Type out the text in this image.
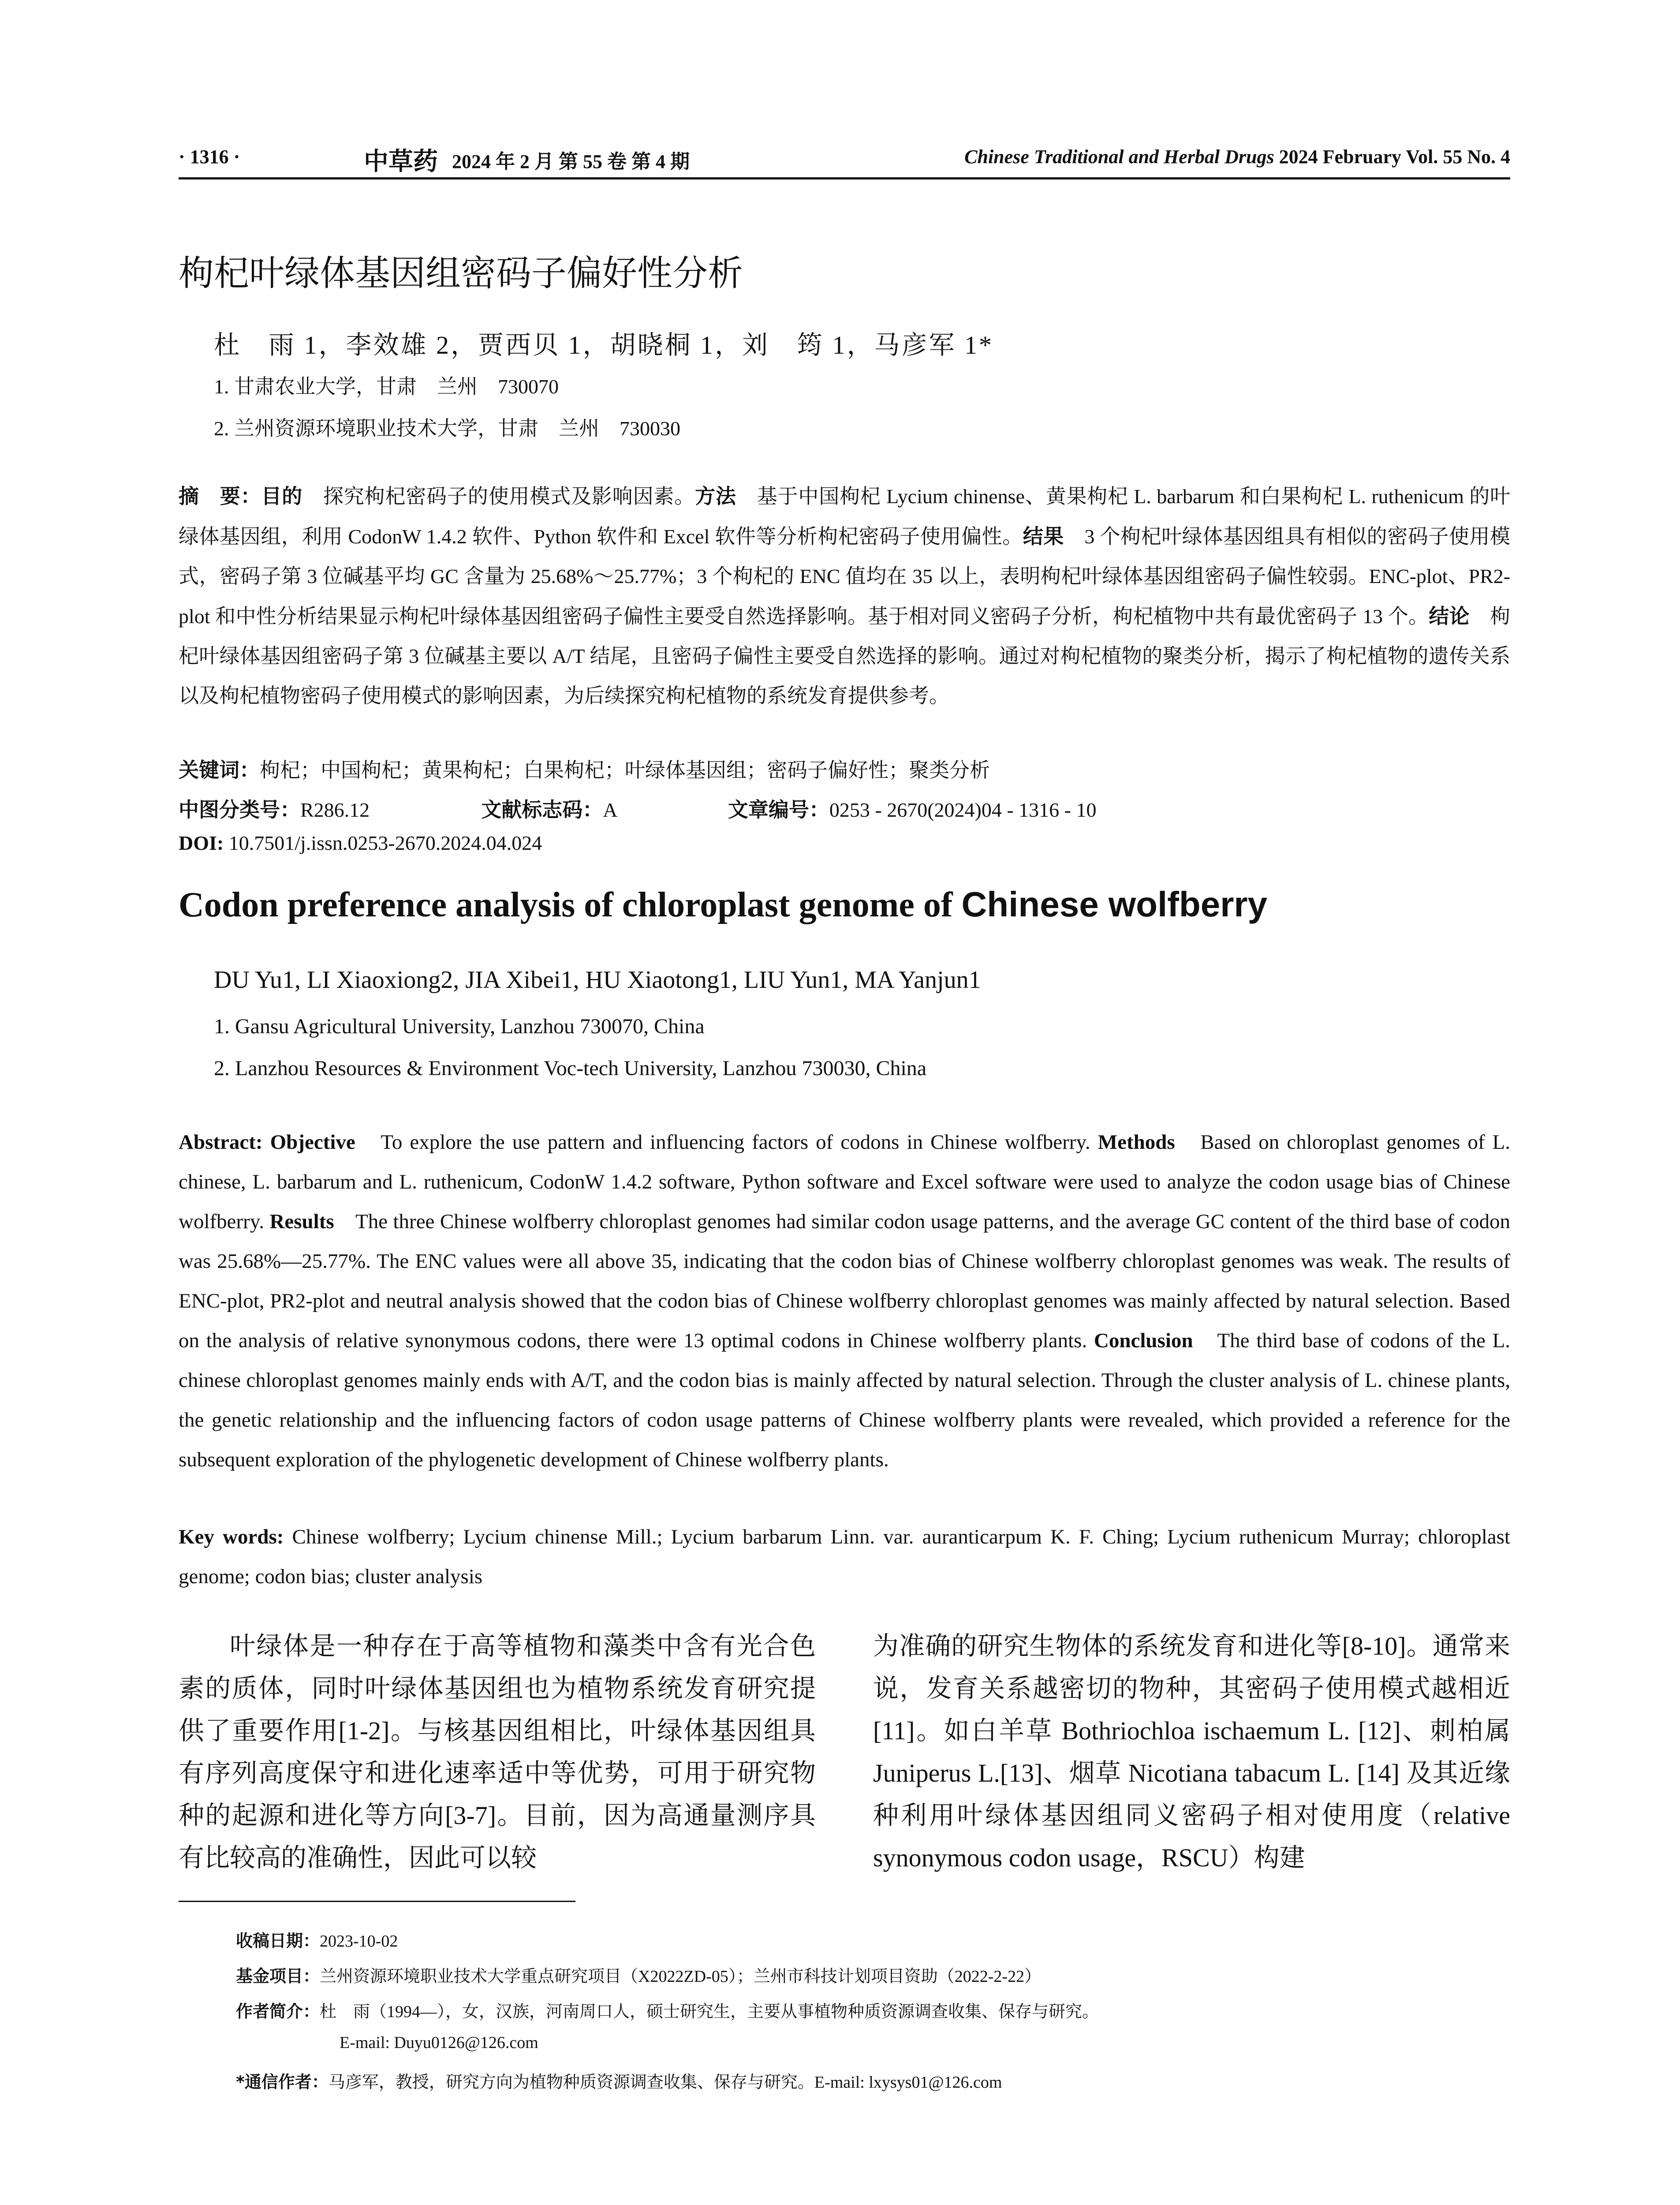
· 1316 ·	中草药 2024 年 2 月 第 55 卷 第 4 期	Chinese Traditional and Herbal Drugs 2024 February Vol. 55 No. 4
枸杞叶绿体基因组密码子偏好性分析
杜　雨 1，李效雄 2，贾西贝 1，胡晓桐 1，刘　筠 1，马彦军 1*
1. 甘肃农业大学，甘肃　兰州　730070
2. 兰州资源环境职业技术大学，甘肃　兰州　730030
摘　要：目的　探究枸杞密码子的使用模式及影响因素。方法　基于中国枸杞 Lycium chinense、黄果枸杞 L. barbarum 和白果枸杞 L. ruthenicum 的叶绿体基因组，利用 CodonW 1.4.2 软件、Python 软件和 Excel 软件等分析枸杞密码子使用偏性。结果　3 个枸杞叶绿体基因组具有相似的密码子使用模式，密码子第 3 位碱基平均 GC 含量为 25.68%～25.77%；3 个枸杞的 ENC 值均在 35 以上，表明枸杞叶绿体基因组密码子偏性较弱。ENC-plot、PR2-plot 和中性分析结果显示枸杞叶绿体基因组密码子偏性主要受自然选择影响。基于相对同义密码子分析，枸杞植物中共有最优密码子 13 个。结论　枸杞叶绿体基因组密码子第 3 位碱基主要以 A/T 结尾，且密码子偏性主要受自然选择的影响。通过对枸杞植物的聚类分析，揭示了枸杞植物的遗传关系以及枸杞植物密码子使用模式的影响因素，为后续探究枸杞植物的系统发育提供参考。
关键词：枸杞；中国枸杞；黄果枸杞；白果枸杞；叶绿体基因组；密码子偏好性；聚类分析
中图分类号：R286.12	文献标志码：A	文章编号：0253 - 2670(2024)04 - 1316 - 10
DOI: 10.7501/j.issn.0253-2670.2024.04.024
Codon preference analysis of chloroplast genome of Chinese wolfberry
DU Yu1, LI Xiaoxiong2, JIA Xibei1, HU Xiaotong1, LIU Yun1, MA Yanjun1
1. Gansu Agricultural University, Lanzhou 730070, China
2. Lanzhou Resources & Environment Voc-tech University, Lanzhou 730030, China
Abstract: Objective　To explore the use pattern and influencing factors of codons in Chinese wolfberry. Methods　Based on chloroplast genomes of L. chinese, L. barbarum and L. ruthenicum, CodonW 1.4.2 software, Python software and Excel software were used to analyze the codon usage bias of Chinese wolfberry. Results　The three Chinese wolfberry chloroplast genomes had similar codon usage patterns, and the average GC content of the third base of codon was 25.68%—25.77%. The ENC values were all above 35, indicating that the codon bias of Chinese wolfberry chloroplast genomes was weak. The results of ENC-plot, PR2-plot and neutral analysis showed that the codon bias of Chinese wolfberry chloroplast genomes was mainly affected by natural selection. Based on the analysis of relative synonymous codons, there were 13 optimal codons in Chinese wolfberry plants. Conclusion　The third base of codons of the L. chinese chloroplast genomes mainly ends with A/T, and the codon bias is mainly affected by natural selection. Through the cluster analysis of L. chinese plants, the genetic relationship and the influencing factors of codon usage patterns of Chinese wolfberry plants were revealed, which provided a reference for the subsequent exploration of the phylogenetic development of Chinese wolfberry plants.
Key words: Chinese wolfberry; Lycium chinense Mill.; Lycium barbarum Linn. var. auranticarpum K. F. Ching; Lycium ruthenicum Murray; chloroplast genome; codon bias; cluster analysis

叶绿体是一种存在于高等植物和藻类中含有光合色素的质体，同时叶绿体基因组也为植物系统发育研究提供了重要作用[1-2]。与核基因组相比，叶绿体基因组具有序列高度保守和进化速率适中等优势，可用于研究物种的起源和进化等方向[3-7]。目前，因为高通量测序具有比较高的准确性，因此可以较

为准确的研究生物体的系统发育和进化等[8-10]。通常来说，发育关系越密切的物种，其密码子使用模式越相近[11]。如白羊草 Bothriochloa ischaemum L. [12]、刺柏属 Juniperus L.[13]、烟草 Nicotiana tabacum L. [14] 及其近缘种利用叶绿体基因组同义密码子相对使用度（relative synonymous codon usage，RSCU）构建

收稿日期：2023-10-02
基金项目：兰州资源环境职业技术大学重点研究项目（X2022ZD-05）；兰州市科技计划项目资助（2022-2-22）
作者简介：杜　雨（1994—），女，汉族，河南周口人，硕士研究生，主要从事植物种质资源调查收集、保存与研究。
E-mail: Duyu0126@126.com
*通信作者：马彦军，教授，研究方向为植物种质资源调查收集、保存与研究。E-mail: lxysys01@126.com
